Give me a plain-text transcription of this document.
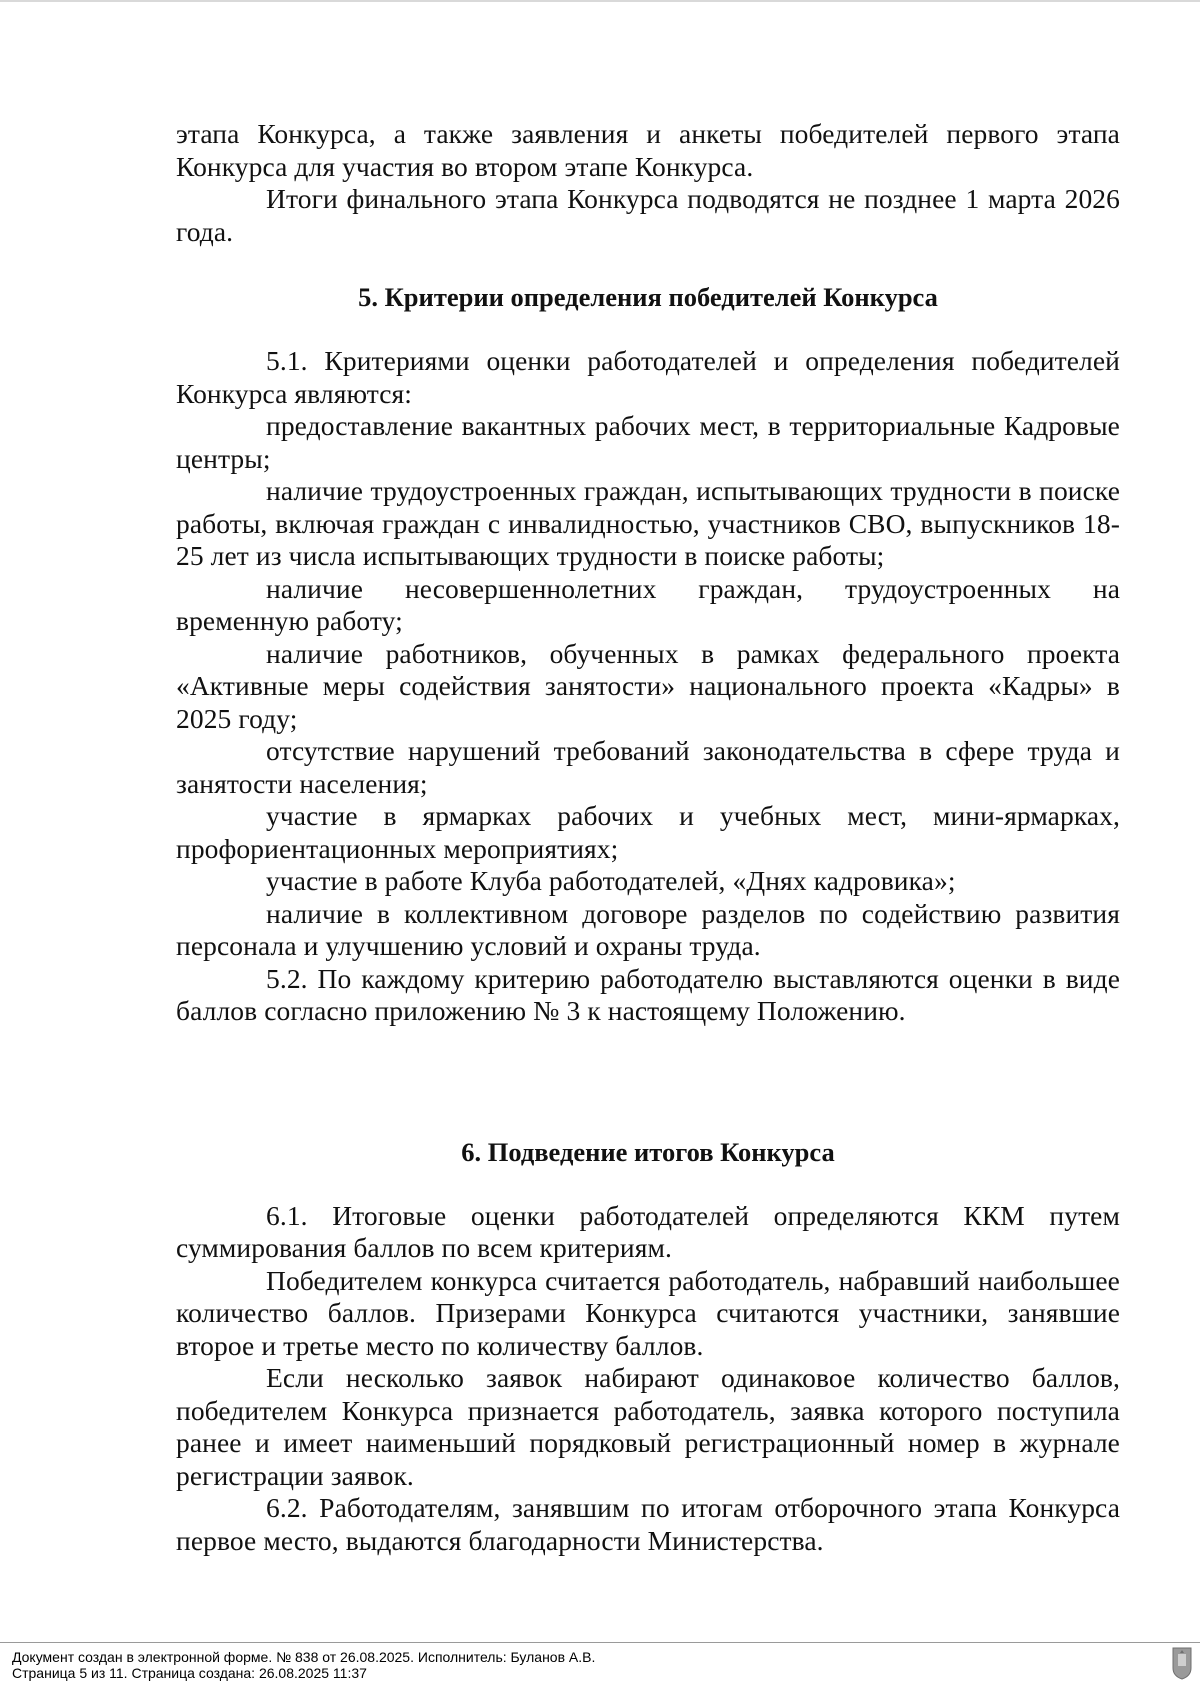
этапа Конкурса, а также заявления и анкеты победителей первого этапа Конкурса для участия во втором этапе Конкурса.

Итоги финального этапа Конкурса подводятся не позднее 1 марта 2026 года.

5. Критерии определения победителей Конкурса

5.1. Критериями оценки работодателей и определения победителей Конкурса являются:

предоставление вакантных рабочих мест, в территориальные Кадровые центры;

наличие трудоустроенных граждан, испытывающих трудности в поиске работы, включая граждан с инвалидностью, участников СВО, выпускников 18-25 лет из числа испытывающих трудности в поиске работы;

наличие несовершеннолетних граждан, трудоустроенных на временную работу;

наличие работников, обученных в рамках федерального проекта «Активные меры содействия занятости» национального проекта «Кадры» в 2025 году;

отсутствие нарушений требований законодательства в сфере труда и занятости населения;

участие в ярмарках рабочих и учебных мест, мини-ярмарках, профориентационных мероприятиях;

участие в работе Клуба работодателей, «Днях кадровика»;

наличие в коллективном договоре разделов по содействию развития персонала и улучшению условий и охраны труда.

5.2. По каждому критерию работодателю выставляются оценки в виде баллов согласно приложению № 3 к настоящему Положению.

6. Подведение итогов Конкурса

6.1. Итоговые оценки работодателей определяются ККМ путем суммирования баллов по всем критериям.

Победителем конкурса считается работодатель, набравший наибольшее количество баллов. Призерами Конкурса считаются участники, занявшие второе и третье место по количеству баллов.

Если несколько заявок набирают одинаковое количество баллов, победителем Конкурса признается работодатель, заявка которого поступила ранее и имеет наименьший порядковый регистрационный номер в журнале регистрации заявок.

6.2. Работодателям, занявшим по итогам отборочного этапа Конкурса первое место, выдаются благодарности Министерства.

Документ создан в электронной форме. № 838 от 26.08.2025. Исполнитель: Буланов А.В.
Страница 5 из 11. Страница создана: 26.08.2025 11:37
